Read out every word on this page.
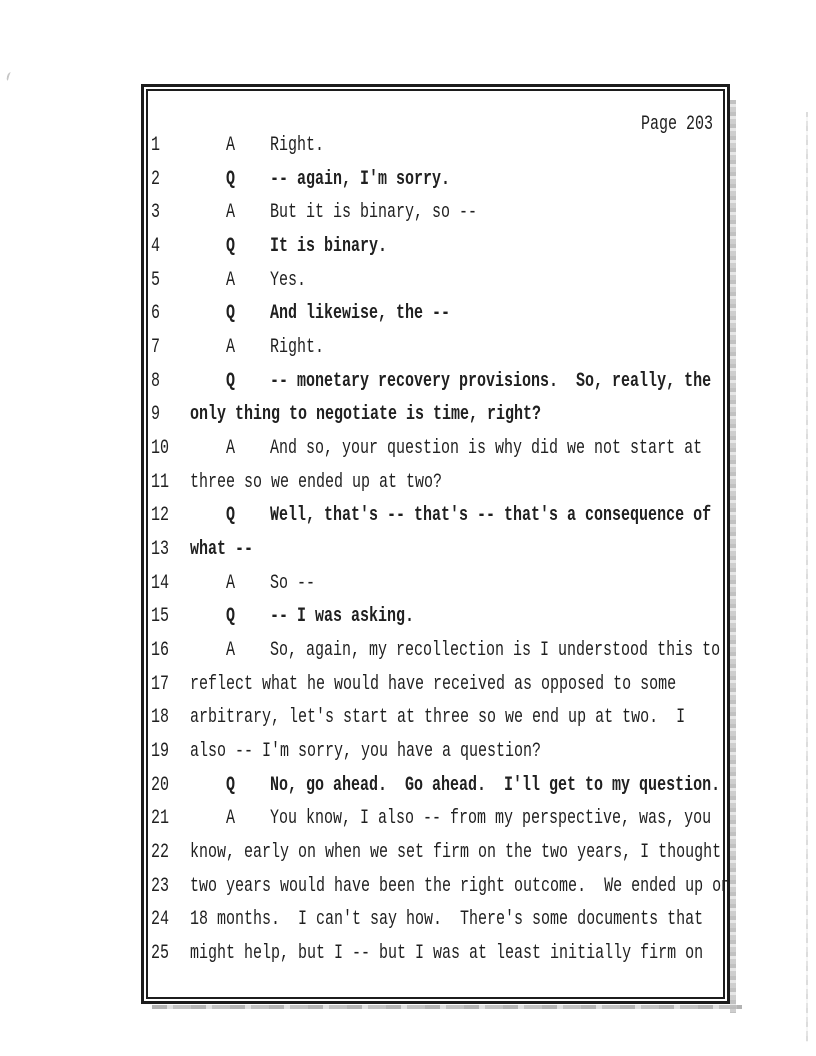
Page 203
1	A Right.
2	Q -- again, I'm sorry.
3	A But it is binary, so --
4	Q It is binary.
5	A Yes.
6	Q And likewise, the --
7	A Right.
8	Q -- monetary recovery provisions.  So, really, the
9 only thing to negotiate is time, right?
10	A And so, your question is why did we not start at
11 three so we ended up at two?
12	Q Well, that's -- that's -- that's a consequence of
13 what --
14	A So --
15	Q -- I was asking.
16	A So, again, my recollection is I understood this to
17 reflect what he would have received as opposed to some
18 arbitrary, let's start at three so we end up at two.  I
19 also -- I'm sorry, you have a question?
20	Q No, go ahead.  Go ahead.  I'll get to my question.
21	A You know, I also -- from my perspective, was, you
22 know, early on when we set firm on the two years, I thought
23 two years would have been the right outcome.  We ended up on
24 18 months.  I can't say how.  There's some documents that
25 might help, but I -- but I was at least initially firm on
